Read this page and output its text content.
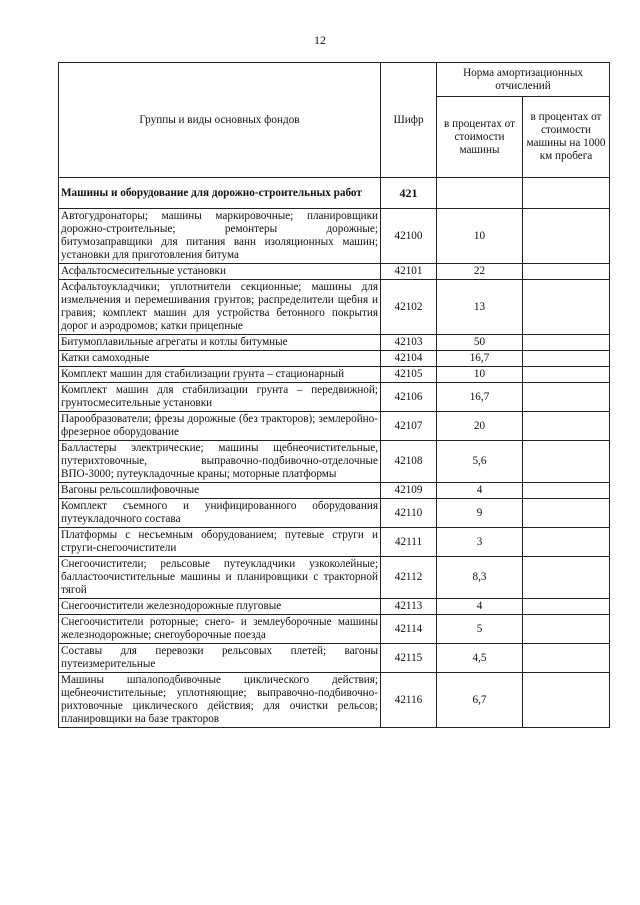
12
Группы и виды основных фондов	Шифр	Норма амортизационных отчислений	
		в процентах от стоимости машины	в процентах от стоимости машины на 1000 км пробега
Машины и оборудование для дорожно-строительных работ	421		
Автогудронаторы; машины маркировочные; планировщики дорожно-строительные; ремонтеры дорожные; битумозаправщики для питания ванн изоляционных машин; установки для приготовления битума	42100	10	
Асфальтосмесительные установки	42101	22	
Асфальтоукладчики; уплотнители секционные; машины для измельчения и перемешивания грунтов; распределители щебня и гравия; комплект машин для устройства бетонного покрытия дорог и аэродромов; катки прицепные	42102	13	
Битумоплавильные агрегаты и котлы битумные	42103	50	
Катки самоходные	42104	16,7	
Комплект машин для стабилизации грунта – стационарный	42105	10	
Комплект машин для стабилизации грунта – передвижной; грунтосмесительные установки	42106	16,7	
Парообразователи; фрезы дорожные (без тракторов); землеройно-фрезерное оборудование	42107	20	
Балластеры электрические; машины щебнеочистительные, путерихтовочные, выправочно-подбивочно-отделочные ВПО-3000; путеукладочные краны; моторные платформы	42108	5,6	
Вагоны рельсошлифовочные	42109	4	
Комплект съемного и унифицированного оборудования путеукладочного состава	42110	9	
Платформы с несъемным оборудованием; путевые струги и струги-снегоочистители	42111	3	
Снегоочистители; рельсовые путеукладчики узкоколейные; балластоочистительные машины и планировщики с тракторной тягой	42112	8,3	
Снегоочистители железнодорожные плуговые	42113	4	
Снегоочистители роторные; снего- и землеуборочные машины железнодорожные; снегоуборочные поезда	42114	5	
Составы для перевозки рельсовых плетей; вагоны путеизмерительные	42115	4,5	
Машины шпалоподбивочные циклического действия; щебнеочистительные; уплотняющие; выправочно-подбивочно-рихтовочные циклического действия; для очистки рельсов; планировщики на базе тракторов	42116	6,7	
